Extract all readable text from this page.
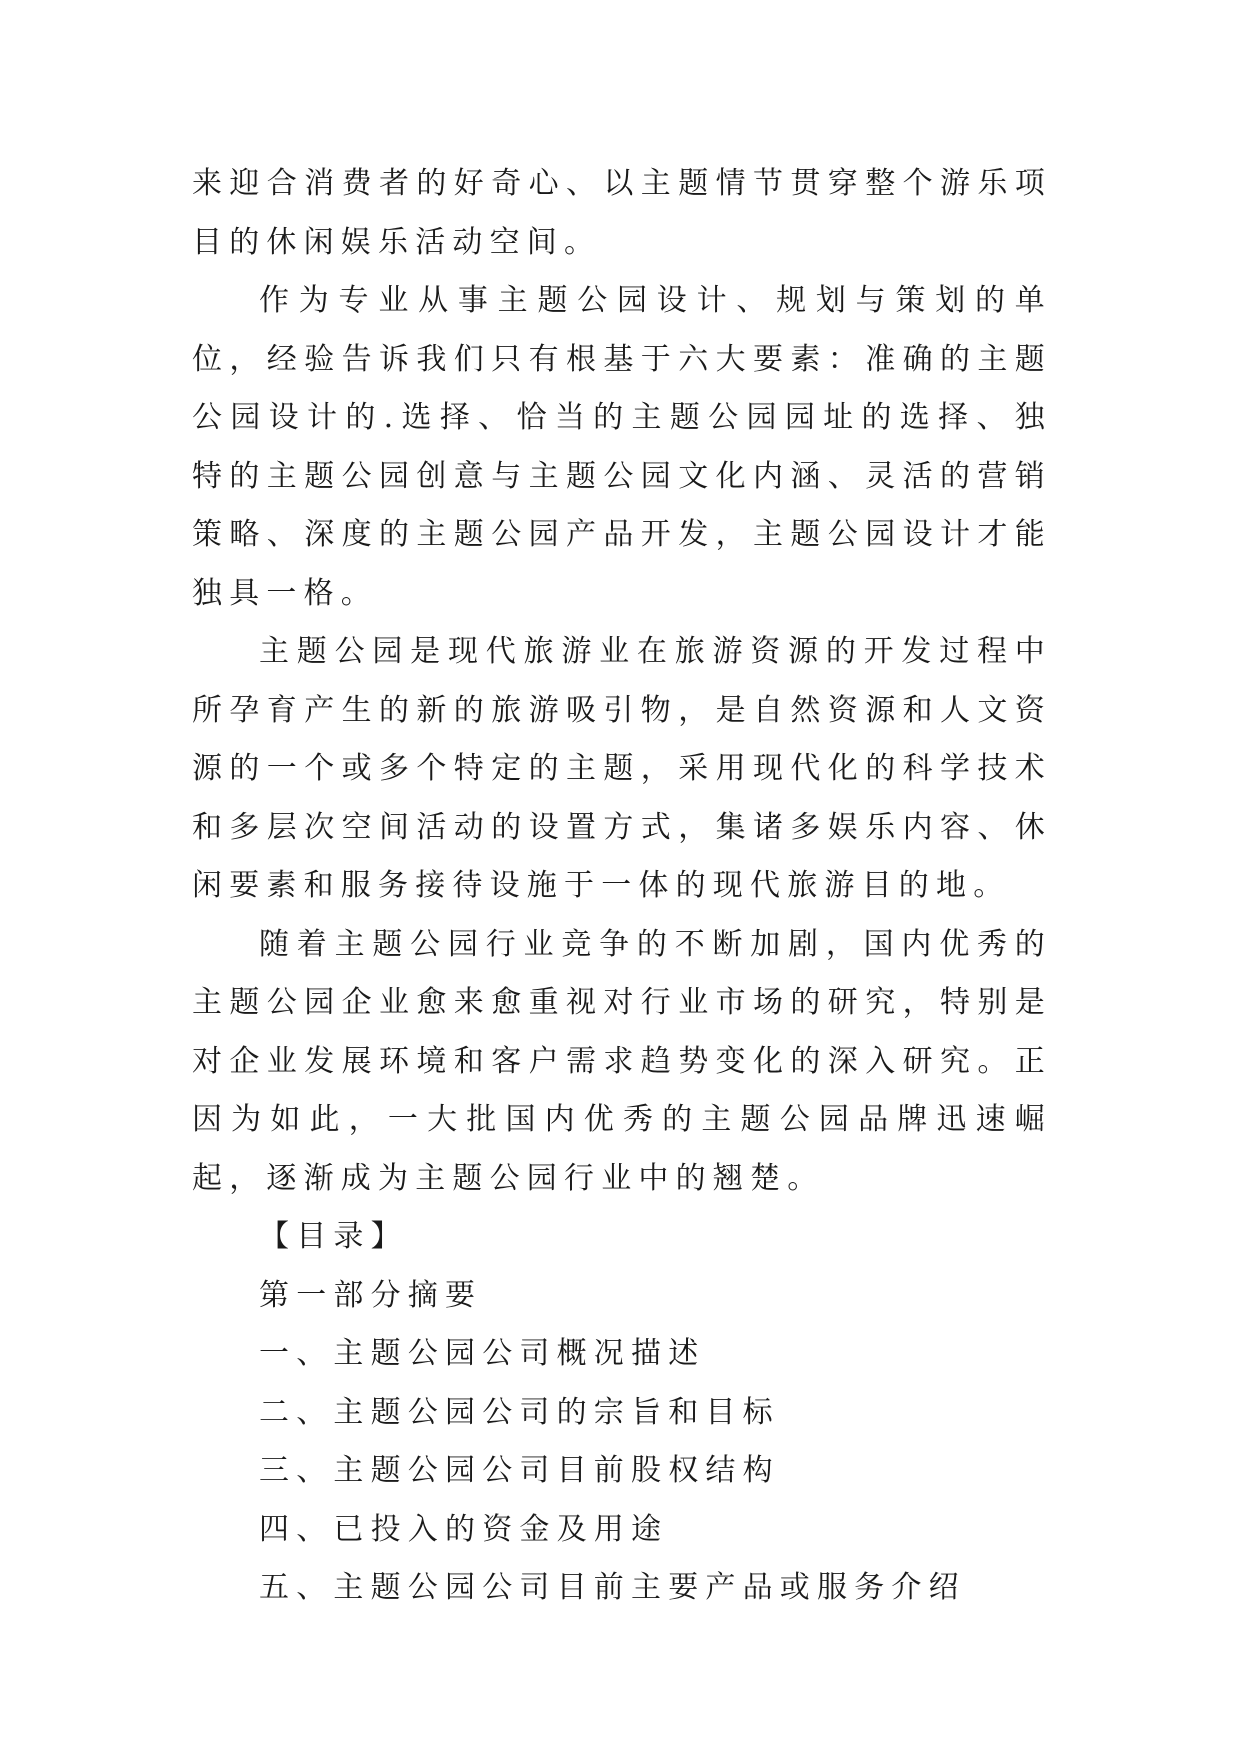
来迎合消费者的好奇心、以主题情节贯穿整个游乐项目的休闲娱乐活动空间。

作为专业从事主题公园设计、规划与策划的单位，经验告诉我们只有根基于六大要素：准确的主题公园设计的.选择、恰当的主题公园园址的选择、独特的主题公园创意与主题公园文化内涵、灵活的营销策略、深度的主题公园产品开发，主题公园设计才能独具一格。

主题公园是现代旅游业在旅游资源的开发过程中所孕育产生的新的旅游吸引物，是自然资源和人文资源的一个或多个特定的主题，采用现代化的科学技术和多层次空间活动的设置方式，集诸多娱乐内容、休闲要素和服务接待设施于一体的现代旅游目的地。

随着主题公园行业竞争的不断加剧，国内优秀的主题公园企业愈来愈重视对行业市场的研究，特别是对企业发展环境和客户需求趋势变化的深入研究。正因为如此，一大批国内优秀的主题公园品牌迅速崛起，逐渐成为主题公园行业中的翘楚。

【目录】

第一部分摘要

一、主题公园公司概况描述

二、主题公园公司的宗旨和目标

三、主题公园公司目前股权结构

四、已投入的资金及用途

五、主题公园公司目前主要产品或服务介绍
